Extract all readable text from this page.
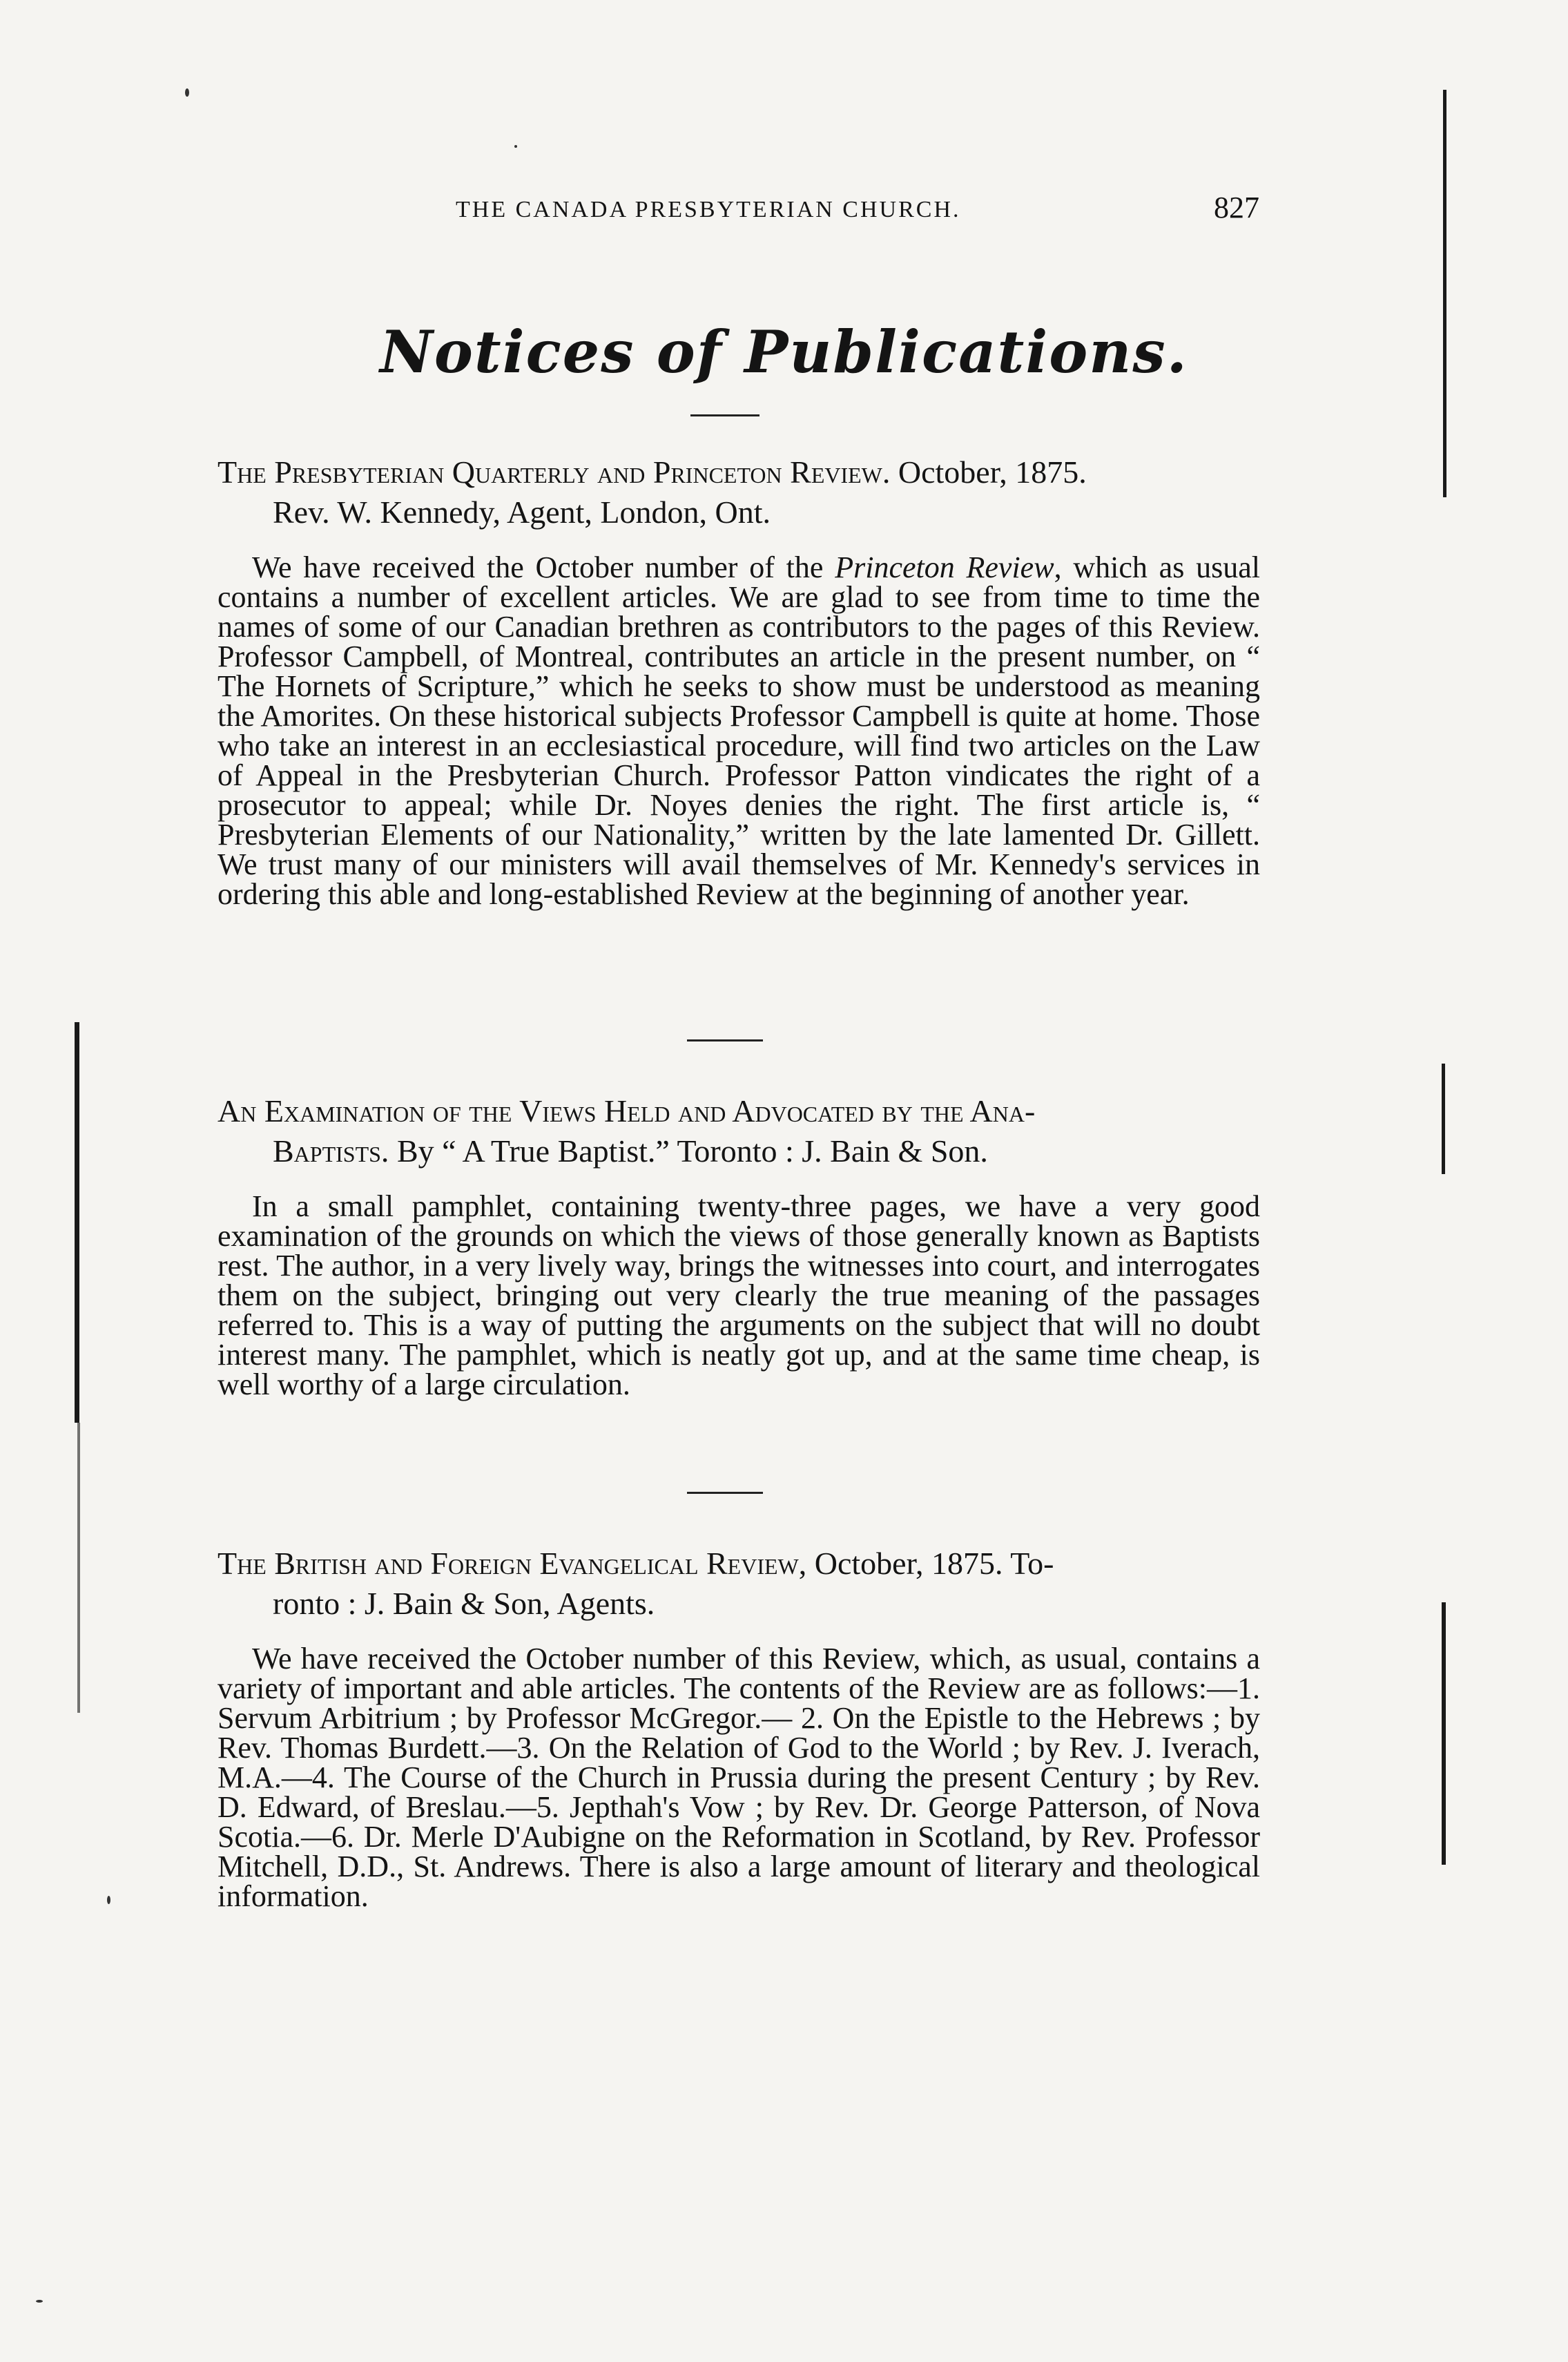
THE CANADA PRESBYTERIAN CHURCH.	827
Notices of Publications.
The Presbyterian Quarterly and Princeton Review. October, 1875.
Rev. W. Kennedy, Agent, London, Ont.

We have received the October number of the Princeton Review, which as usual contains a number of excellent articles. We are glad to see from time to time the names of some of our Canadian brethren as contributors to the pages of this Review. Professor Campbell, of Montreal, contributes an article in the present number, on “ The Hornets of Scripture,” which he seeks to show must be understood as meaning the Amorites. On these historical subjects Professor Campbell is quite at home. Those who take an interest in an ecclesiastical procedure, will find two articles on the Law of Appeal in the Presbyterian Church. Professor Patton vindicates the right of a prosecutor to appeal; while Dr. Noyes denies the right. The first article is, “ Presbyterian Elements of our Nationality,” written by the late lamented Dr. Gillett. We trust many of our ministers will avail themselves of Mr. Kennedy's services in ordering this able and long-established Review at the beginning of another year.

An Examination of the Views Held and Advocated by the Ana-
Baptists. By “ A True Baptist.” Toronto : J. Bain & Son.

In a small pamphlet, containing twenty-three pages, we have a very good examination of the grounds on which the views of those generally known as Baptists rest. The author, in a very lively way, brings the witnesses into court, and interrogates them on the subject, bringing out very clearly the true meaning of the passages referred to. This is a way of putting the arguments on the subject that will no doubt interest many. The pamphlet, which is neatly got up, and at the same time cheap, is well worthy of a large circulation.

The British and Foreign Evangelical Review, October, 1875. To-
ronto : J. Bain & Son, Agents.

We have received the October number of this Review, which, as usual, contains a variety of important and able articles. The contents of the Review are as follows:—1. Servum Arbitrium ; by Professor McGregor.— 2. On the Epistle to the Hebrews ; by Rev. Thomas Burdett.—3. On the Relation of God to the World ; by Rev. J. Iverach, M.A.—4. The Course of the Church in Prussia during the present Century ; by Rev. D. Edward, of Breslau.—5. Jepthah's Vow ; by Rev. Dr. George Patterson, of Nova Scotia.—6. Dr. Merle D'Aubigne on the Reformation in Scotland, by Rev. Professor Mitchell, D.D., St. Andrews. There is also a large amount of literary and theological information.
